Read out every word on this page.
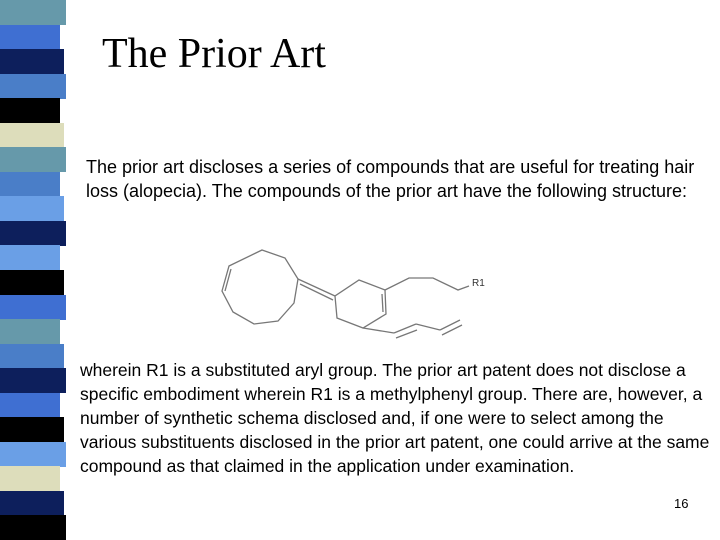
The Prior Art

The prior art discloses a series of compounds that are useful for treating hair loss (alopecia). The compounds of the prior art have the following structure:

R1

wherein R1 is a substituted aryl group. The prior art patent does not disclose a specific embodiment wherein R1 is a methylphenyl group. There are, however, a number of synthetic schema disclosed and, if one were to select among the various substituents disclosed in the prior art patent, one could arrive at the same compound as that claimed in the application under examination.

16
